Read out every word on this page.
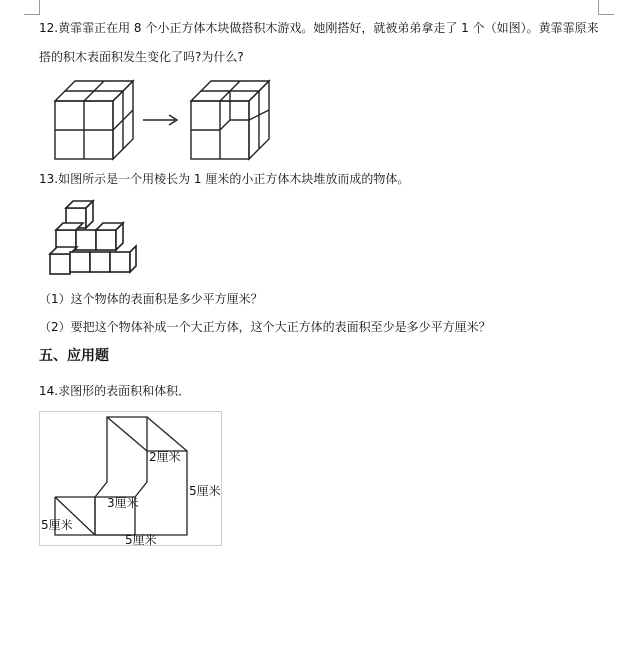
12.黄霏霏正在用 8 个小正方体木块做搭积木游戏。她刚搭好，就被弟弟拿走了 1 个（如图）。黄霏霏原来
搭的积木表面积发生变化了吗?为什么?
13.如图所示是一个用棱长为 1 厘米的小正方体木块堆放而成的物体。
（1）这个物体的表面积是多少平方厘米？
（2）要把这个物体补成一个大正方体，这个大正方体的表面积至少是多少平方厘米？
五、应用题
14.求图形的表面积和体积．
2厘米
5厘米
3厘米
5厘米
5厘米
